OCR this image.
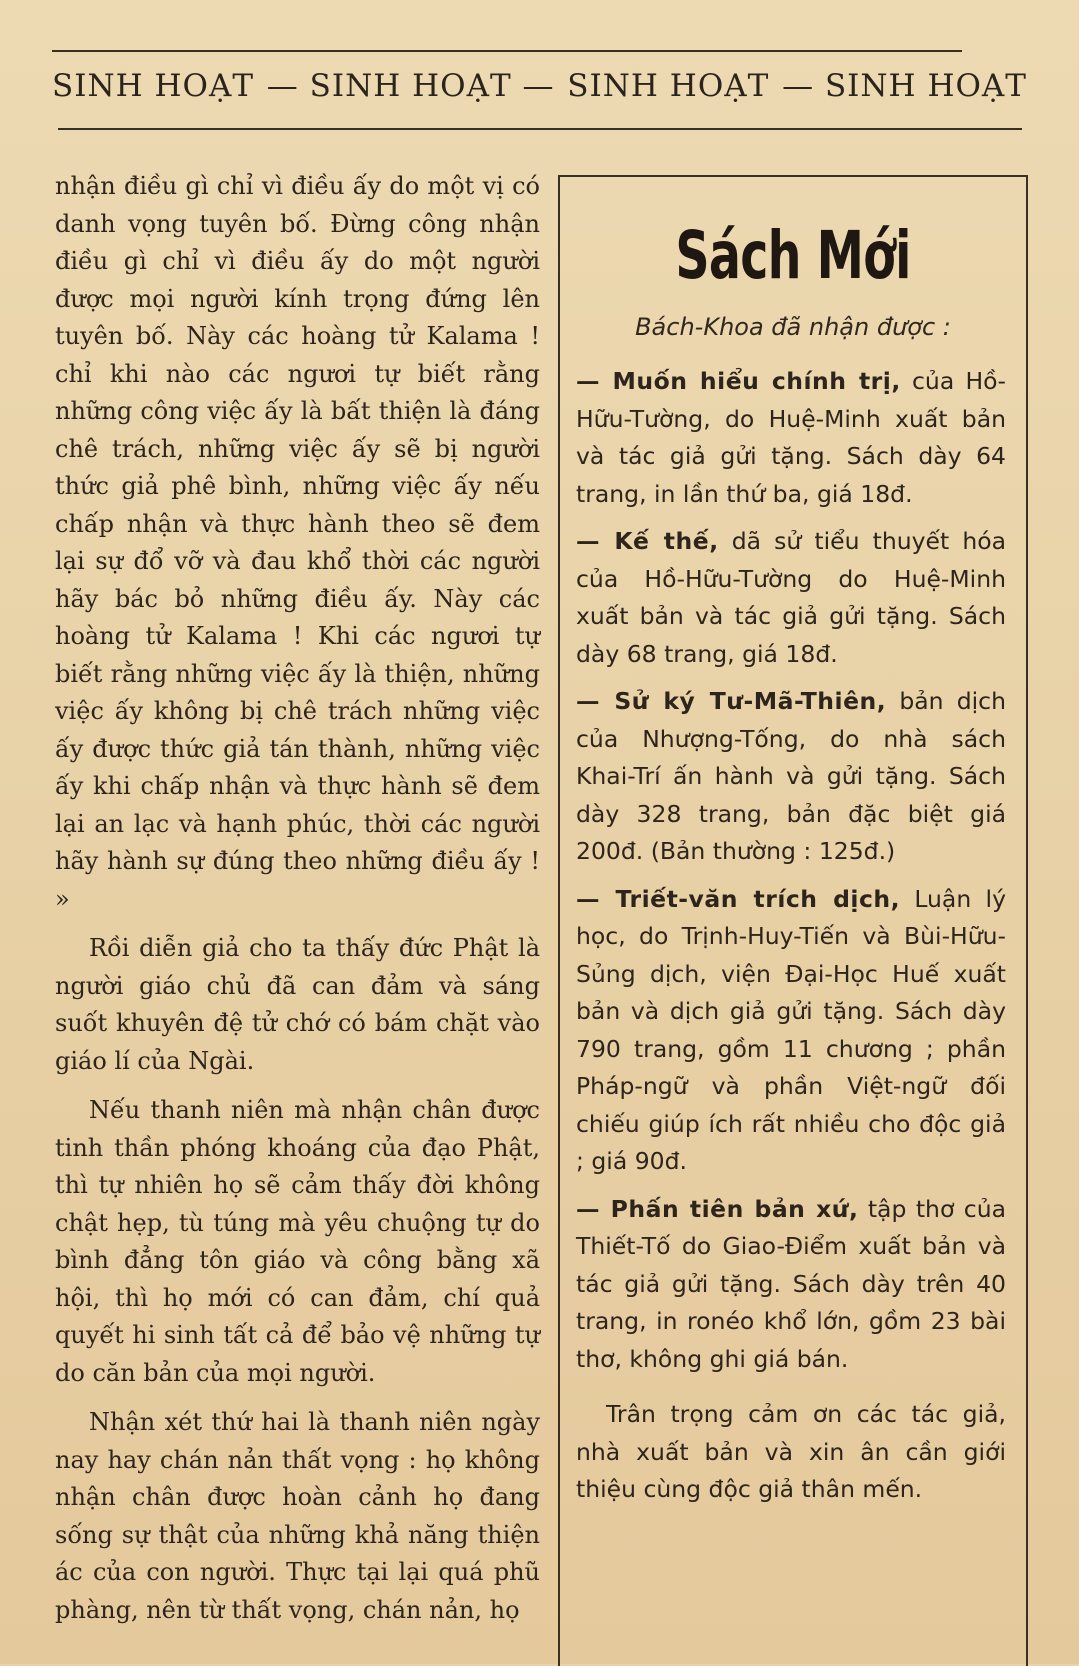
SINH HOẠT — SINH HOẠT — SINH HOẠT — SINH HOẠT

nhận điều gì chỉ vì điều ấy do một vị có danh vọng tuyên bố. Đừng công nhận điều gì chỉ vì điều ấy do một người được mọi người kính trọng đứng lên tuyên bố. Này các hoàng tử Kalama ! chỉ khi nào các ngươi tự biết rằng những công việc ấy là bất thiện là đáng chê trách, những việc ấy sẽ bị người thức giả phê bình, những việc ấy nếu chấp nhận và thực hành theo sẽ đem lại sự đổ vỡ và đau khổ thời các người hãy bác bỏ những điều ấy. Này các hoàng tử Kalama ! Khi các ngươi tự biết rằng những việc ấy là thiện, những việc ấy không bị chê trách những việc ấy được thức giả tán thành, những việc ấy khi chấp nhận và thực hành sẽ đem lại an lạc và hạnh phúc, thời các người hãy hành sự đúng theo những điều ấy ! »

Rồi diễn giả cho ta thấy đức Phật là người giáo chủ đã can đảm và sáng suốt khuyên đệ tử chớ có bám chặt vào giáo lí của Ngài.

Nếu thanh niên mà nhận chân được tinh thần phóng khoáng của đạo Phật, thì tự nhiên họ sẽ cảm thấy đời không chật hẹp, tù túng mà yêu chuộng tự do bình đẳng tôn giáo và công bằng xã hội, thì họ mới có can đảm, chí quả quyết hi sinh tất cả để bảo vệ những tự do căn bản của mọi người.

Nhận xét thứ hai là thanh niên ngày nay hay chán nản thất vọng : họ không nhận chân được hoàn cảnh họ đang sống sự thật của những khả năng thiện ác của con người. Thực tại lại quá phũ phàng, nên từ thất vọng, chán nản, họ

Sách Mới
Bách-Khoa đã nhận được :

— Muốn hiểu chính trị, của Hồ-Hữu-Tường, do Huệ-Minh xuất bản và tác giả gửi tặng. Sách dày 64 trang, in lần thứ ba, giá 18đ.

— Kế thế, dã sử tiểu thuyết hóa của Hồ-Hữu-Tường do Huệ-Minh xuất bản và tác giả gửi tặng. Sách dày 68 trang, giá 18đ.

— Sử ký Tư-Mã-Thiên, bản dịch của Nhượng-Tống, do nhà sách Khai-Trí ấn hành và gửi tặng. Sách dày 328 trang, bản đặc biệt giá 200đ. (Bản thường : 125đ.)

— Triết-văn trích dịch, Luận lý học, do Trịnh-Huy-Tiến và Bùi-Hữu-Sủng dịch, viện Đại-Học Huế xuất bản và dịch giả gửi tặng. Sách dày 790 trang, gồm 11 chương ; phần Pháp-ngữ và phần Việt-ngữ đối chiếu giúp ích rất nhiều cho độc giả ; giá 90đ.

— Phấn tiên bản xứ, tập thơ của Thiết-Tố do Giao-Điểm xuất bản và tác giả gửi tặng. Sách dày trên 40 trang, in ronéo khổ lớn, gồm 23 bài thơ, không ghi giá bán.

Trân trọng cảm ơn các tác giả, nhà xuất bản và xin ân cần giới thiệu cùng độc giả thân mến.
